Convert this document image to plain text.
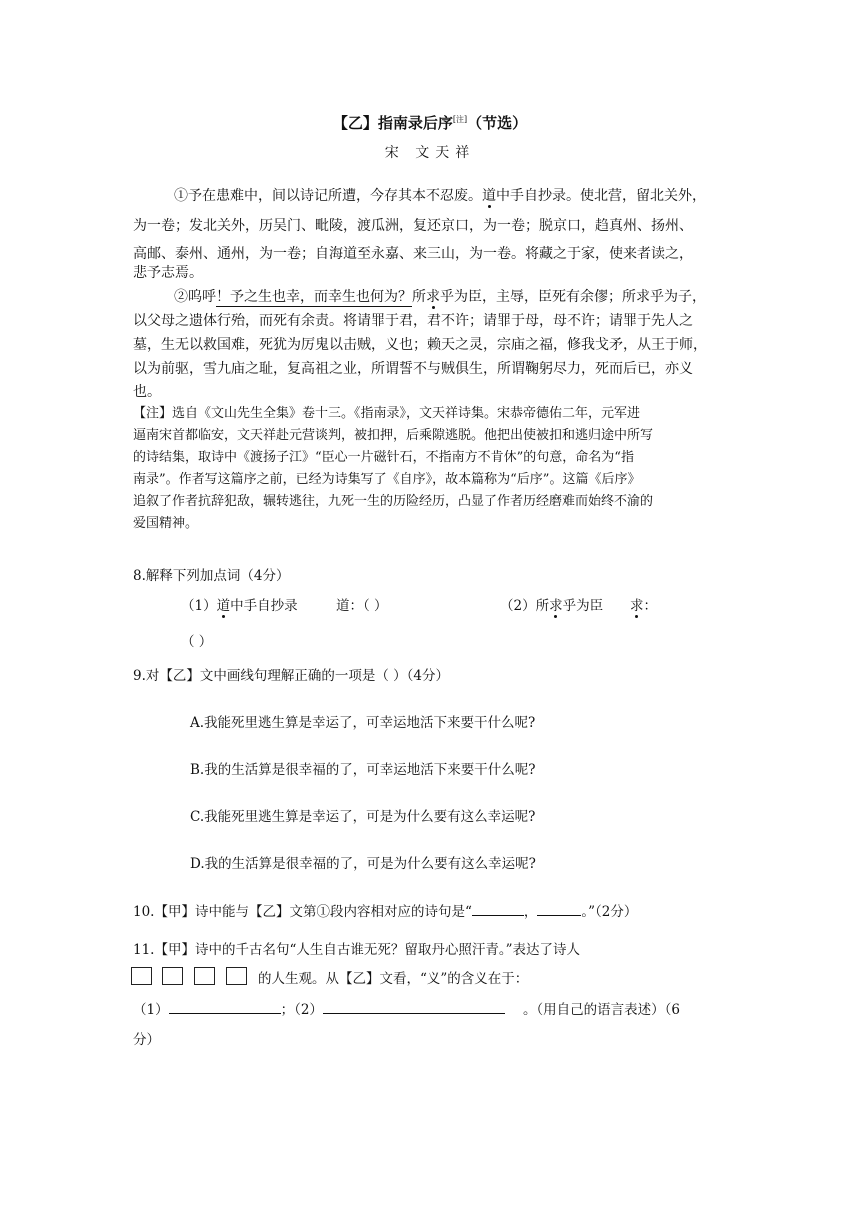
【乙】指南录后序[注]（节选）
宋 文天祥
①予在患难中，间以诗记所遭，今存其本不忍废。道中手自抄录。使北营，留北关外，
为一卷；发北关外，历吴门、毗陵，渡瓜洲，复还京口，为一卷；脱京口，趋真州、扬州、
高邮、泰州、通州，为一卷；自海道至永嘉、来三山，为一卷。将藏之于家，使来者读之，
悲予志焉。
②呜呼！予之生也幸，而幸生也何为？所求乎为臣，主辱，臣死有余僇；所求乎为子，
以父母之遗体行殆，而死有余责。将请罪于君，君不许；请罪于母，母不许；请罪于先人之
墓，生无以救国难，死犹为厉鬼以击贼，义也；赖天之灵，宗庙之福，修我戈矛，从王于师，
以为前驱，雪九庙之耻，复高祖之业，所谓誓不与贼俱生，所谓鞠躬尽力，死而后已，亦义
也。
【注】选自《文山先生全集》卷十三。《指南录》，文天祥诗集。宋恭帝德佑二年，元军进
逼南宋首都临安，文天祥赴元营谈判，被扣押，后乘隙逃脱。他把出使被扣和逃归途中所写
的诗结集，取诗中《渡扬子江》“臣心一片磁针石，不指南方不肯休”的句意，命名为“指
南录”。作者写这篇序之前，已经为诗集写了《自序》，故本篇称为“后序”。这篇《后序》
追叙了作者抗辞犯敌，辗转逃往，九死一生的历险经历，凸显了作者历经磨难而始终不渝的
爱国精神。
8.解释下列加点词（4分）
（1）道中手自抄录	道：（ ）	（2）所求乎为臣 求：
（ ）
9.对【乙】文中画线句理解正确的一项是（ ）（4分）
A.我能死里逃生算是幸运了，可幸运地活下来要干什么呢?
B.我的生活算是很幸福的了，可幸运地活下来要干什么呢?
C.我能死里逃生算是幸运了，可是为什么要有这么幸运呢?
D.我的生活算是很幸福的了，可是为什么要有这么幸运呢?
10.【甲】诗中能与【乙】文第①段内容相对应的诗句是“	，	。”（2分）
11.【甲】诗中的千古名句“人生自古谁无死？留取丹心照汗青。”表达了诗人
的人生观。从【乙】文看，“义”的含义在于：
（1）	；（2）	。（用自己的语言表述）（6
分）
